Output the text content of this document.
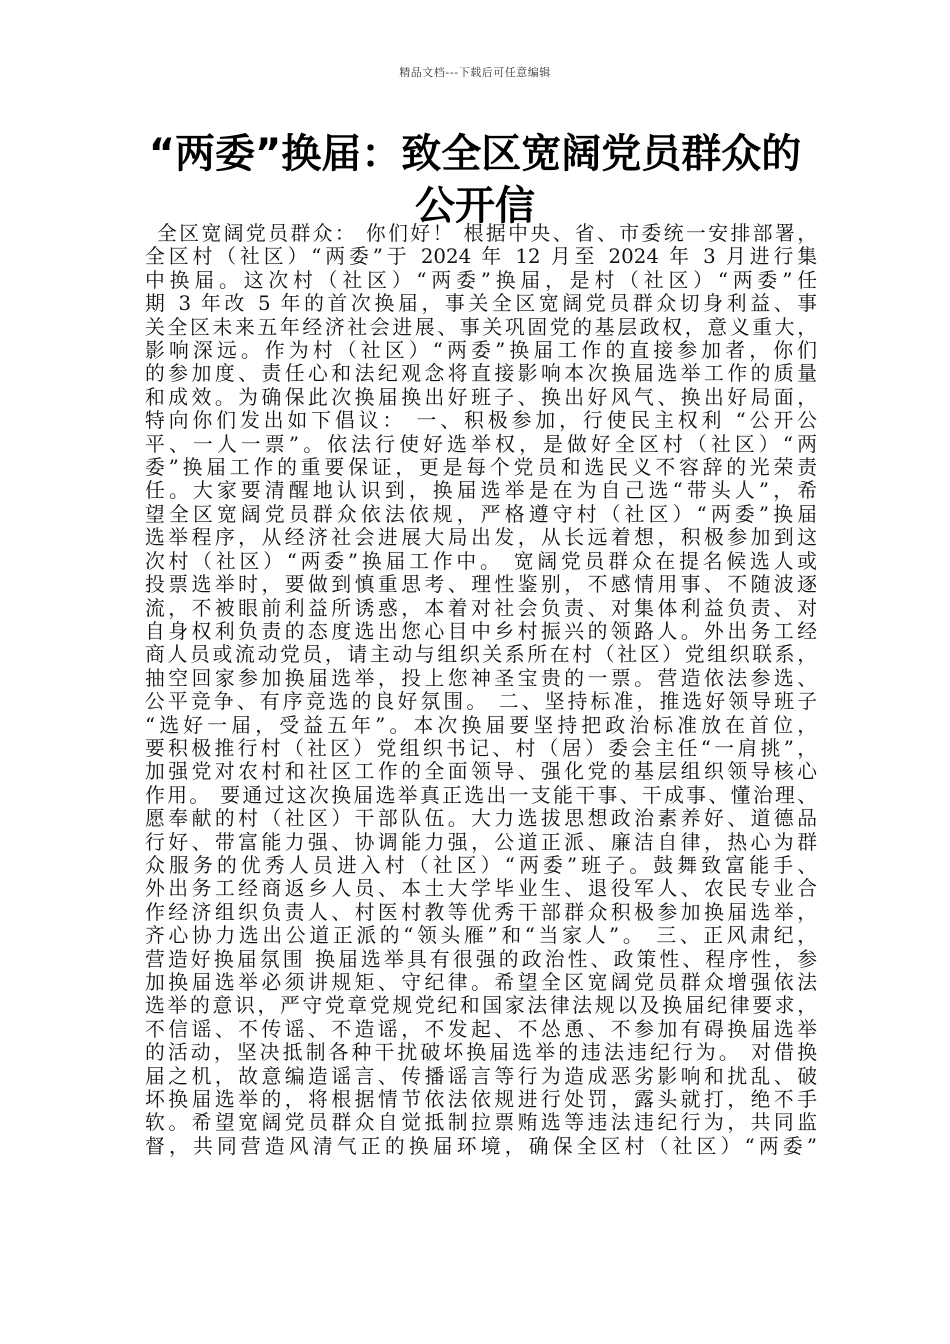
精品文档---下载后可任意编辑
“两委”换届：致全区宽阔党员群众的
公开信
全区宽阔党员群众： 你们好！ 根据中央、省、市委统一安排部署，
全区村（社区）“两委”于 2024 年 12 月至 2024 年 3 月进行集
中换届。这次村（社区）“两委”换届，是村（社区）“两委”任
期 3 年改 5 年的首次换届，事关全区宽阔党员群众切身利益、事
关全区未来五年经济社会进展、事关巩固党的基层政权，意义重大，
影响深远。作为村（社区）“两委”换届工作的直接参加者，你们
的参加度、责任心和法纪观念将直接影响本次换届选举工作的质量
和成效。为确保此次换届换出好班子、换出好风气、换出好局面，
特向你们发出如下倡议： 一、积极参加，行使民主权利 “公开公
平、一人一票”。依法行使好选举权，是做好全区村（社区）“两
委”换届工作的重要保证，更是每个党员和选民义不容辞的光荣责
任。大家要清醒地认识到，换届选举是在为自己选“带头人”，希
望全区宽阔党员群众依法依规，严格遵守村（社区）“两委”换届
选举程序，从经济社会进展大局出发，从长远着想，积极参加到这
次村（社区）“两委”换届工作中。 宽阔党员群众在提名候选人或
投票选举时，要做到慎重思考、理性鉴别，不感情用事、不随波逐
流，不被眼前利益所诱惑，本着对社会负责、对集体利益负责、对
自身权利负责的态度选出您心目中乡村振兴的领路人。外出务工经
商人员或流动党员，请主动与组织关系所在村（社区）党组织联系，
抽空回家参加换届选举，投上您神圣宝贵的一票。营造依法参选、
公平竞争、有序竞选的良好氛围。 二、坚持标准，推选好领导班子
“选好一届，受益五年”。本次换届要坚持把政治标准放在首位，
要积极推行村（社区）党组织书记、村（居）委会主任“一肩挑”，
加强党对农村和社区工作的全面领导、强化党的基层组织领导核心
作用。 要通过这次换届选举真正选出一支能干事、干成事、懂治理、
愿奉献的村（社区）干部队伍。大力选拔思想政治素养好、道德品
行好、带富能力强、协调能力强，公道正派、廉洁自律，热心为群
众服务的优秀人员进入村（社区）“两委”班子。鼓舞致富能手、
外出务工经商返乡人员、本土大学毕业生、退役军人、农民专业合
作经济组织负责人、村医村教等优秀干部群众积极参加换届选举，
齐心协力选出公道正派的“领头雁”和“当家人”。 三、正风肃纪，
营造好换届氛围 换届选举具有很强的政治性、政策性、程序性，参
加换届选举必须讲规矩、守纪律。希望全区宽阔党员群众增强依法
选举的意识，严守党章党规党纪和国家法律法规以及换届纪律要求，
不信谣、不传谣、不造谣，不发起、不怂恿、不参加有碍换届选举
的活动，坚决抵制各种干扰破坏换届选举的违法违纪行为。 对借换
届之机，故意编造谣言、传播谣言等行为造成恶劣影响和扰乱、破
坏换届选举的，将根据情节依法依规进行处罚，露头就打，绝不手
软。希望宽阔党员群众自觉抵制拉票贿选等违法违纪行为，共同监
督，共同营造风清气正的换届环境，确保全区村（社区）“两委”
